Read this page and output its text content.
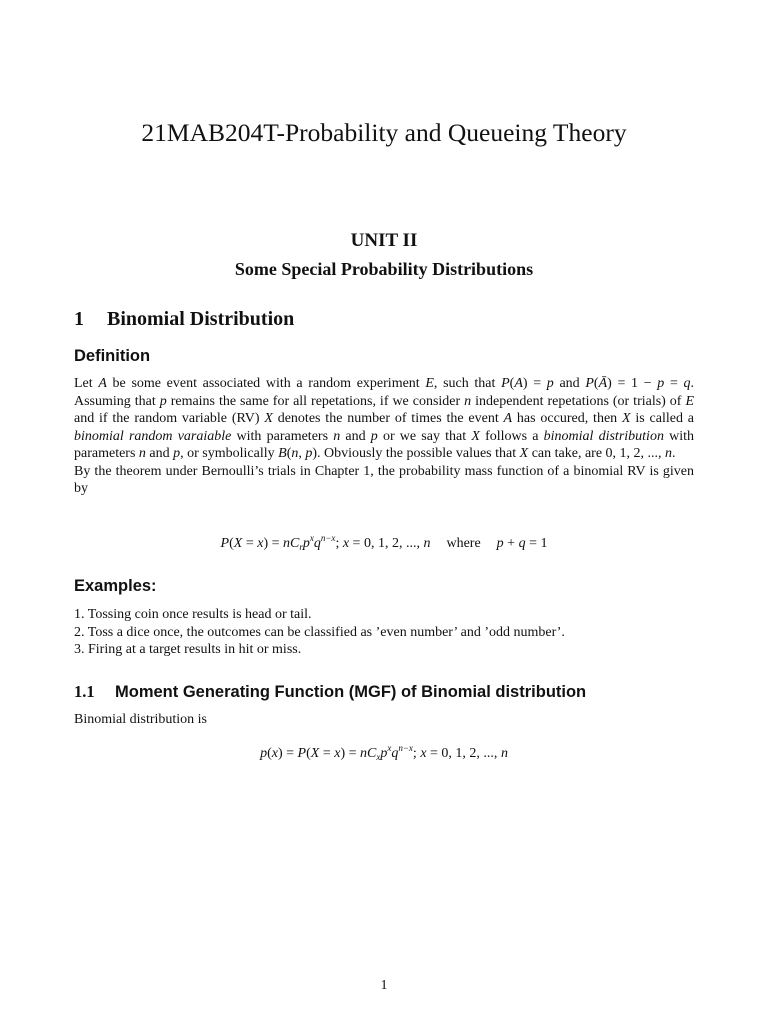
21MAB204T-Probability and Queueing Theory
UNIT II
Some Special Probability Distributions
1 Binomial Distribution
Definition

Let A be some event associated with a random experiment E, such that P(A) = p and P(Ā) = 1 − p = q. Assuming that p remains the same for all repetations, if we consider n independent repetations (or trials) of E and if the random variable (RV) X denotes the number of times the event A has occured, then X is called a binomial random varaiable with parameters n and p or we say that X follows a binomial distribution with parameters n and p, or symbolically B(n, p). Obviously the possible values that X can take, are 0, 1, 2, ..., n.

By the theorem under Bernoulli’s trials in Chapter 1, the probability mass function of a binomial RV is given by

$P(X = x) = nC_rp^xq^{n-x}$; x = 0, 1, 2, ..., n where p + q = 1
Examples:
1. Tossing coin once results is head or tail.
2. Toss a dice once, the outcomes can be classified as ’even number’ and ’odd number’.
3. Firing at a target results in hit or miss.
1.1 Moment Generating Function (MGF) of Binomial distribution

Binomial distribution is

$p(x) = P(X = x) = nC_xp^xq^{n-x}$; x = 0, 1, 2, ..., n
1
